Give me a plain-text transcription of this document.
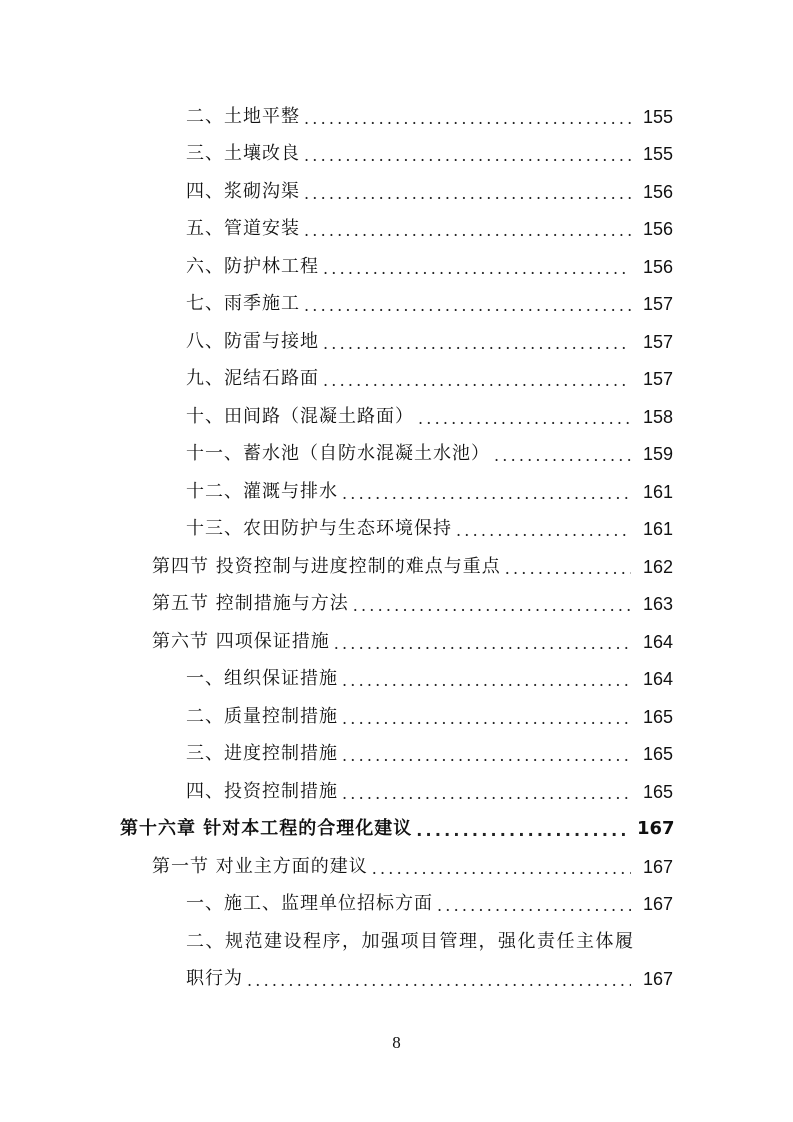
二、土地平整 .....	155
三、土壤改良 .....	155
四、浆砌沟渠 .....	156
五、管道安装 .....	156
六、防护林工程 .....	156
七、雨季施工 .....	157
八、防雷与接地 .....	157
九、泥结石路面 .....	157
十、田间路（混凝土路面） .....	158
十一、蓄水池（自防水混凝土水池） .....	159
十二、灌溉与排水 .....	161
十三、农田防护与生态环境保持 .....	161
第四节 投资控制与进度控制的难点与重点 .....	162
第五节 控制措施与方法 .....	163
第六节 四项保证措施 .....	164
一、组织保证措施 .....	164
二、质量控制措施 .....	165
三、进度控制措施 .....	165
四、投资控制措施 .....	165
第十六章 针对本工程的合理化建议 .....	167
第一节 对业主方面的建议 .....	167
一、施工、监理单位招标方面 .....	167
二、规范建设程序，加强项目管理，强化责任主体履
职行为 .....	167
8
